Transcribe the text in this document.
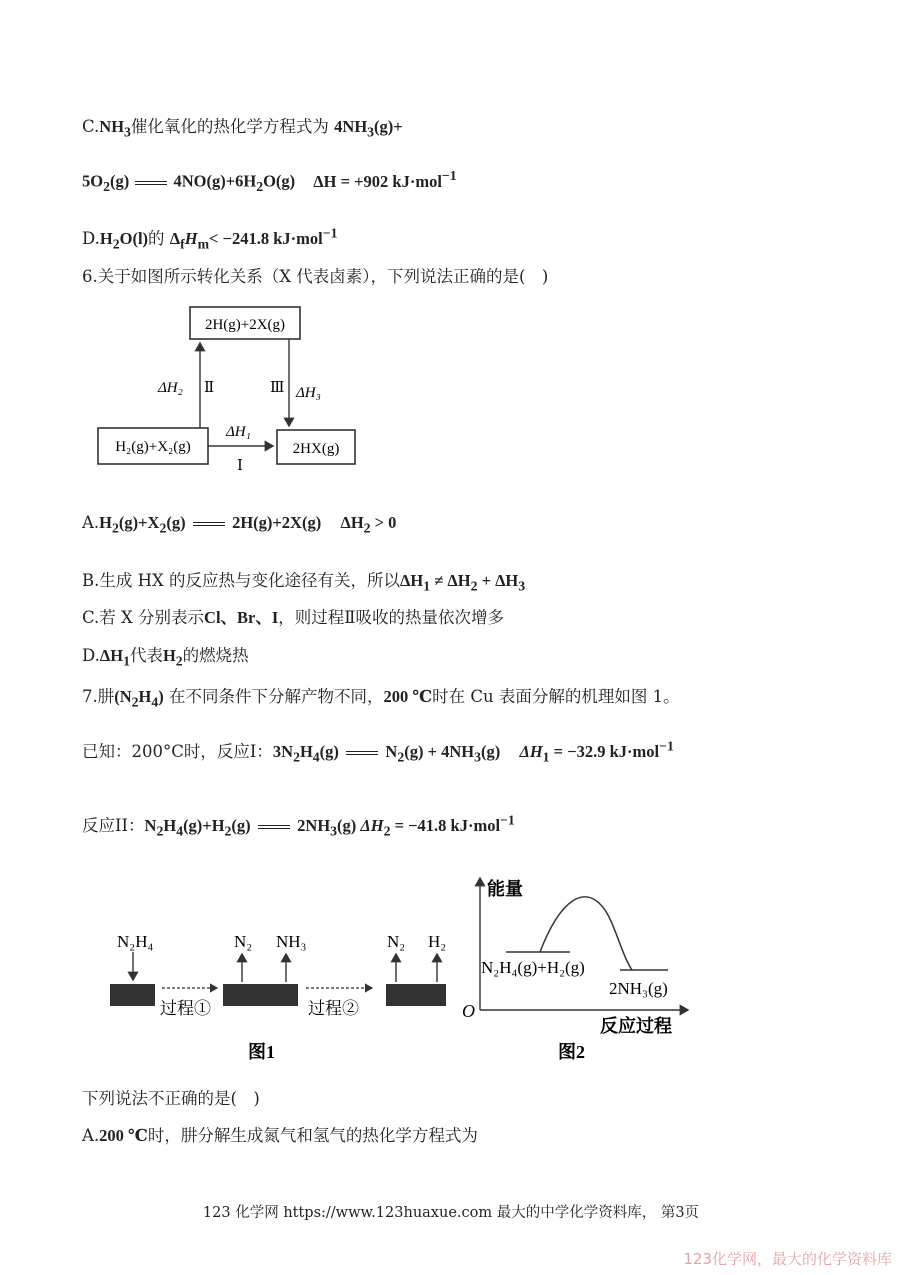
$C.NH_3$催化氧化的热化学方程式为 $4NH_3(g)+$
$5O_2(g)$	$4NO(g)+6H_2O(g) \Delta H = +902$ kJ·mol$^{-1}$
$D.H_2O(l)$的 $\Delta_fH_m< -241.8$ kJ·mol$^{-1}$
6.关于如图所示转化关系（X 代表卤素），下列说法正确的是(　)
2H(g)+2X(g)
H₂(g)+X₂(g)	2HX(g)
ΔH₂ Ⅱ	Ⅲ ΔH₃
ΔH₁
Ⅰ
$A.H_2(g)+X_2(g)$	2H(g)+2X(g) $\Delta H_2 > 0$
B.生成 HX 的反应热与变化途径有关，所以$\Delta H_1 \ne \Delta H_2 + \Delta H_3$
C.若 X 分别表示Cl、Br、I，则过程Ⅱ吸收的热量依次增多
$D.\Delta H_1$代表$H_2$的燃烧热
7.肼$(N_2H_4)$ 在不同条件下分解产物不同，200 ℃时在 Cu 表面分解的机理如图 1。
已知：200°C时，反应I：$3N_2H_4(g)$	$N_2(g) + 4NH_3(g) \Delta H_1 = -32.9$ kJ·mol$^{-1}$
反应II：$N_2H_4(g)+H_2(g)$	$2NH_3(g) \Delta H_2 = -41.8$ kJ·mol$^{-1}$
N₂H₄
过程①
N₂ NH₃
过程②
N₂ H₂
图1
能量
反应过程
O
N₂H₄(g)+H₂(g)
2NH₃(g)
图2
下列说法不正确的是(　)
A.200 ℃时，肼分解生成氮气和氢气的热化学方程式为
123 化学网 https://www.123huaxue.com 最大的中学化学资料库， 第3页
123化学网，最大的化学资料库
